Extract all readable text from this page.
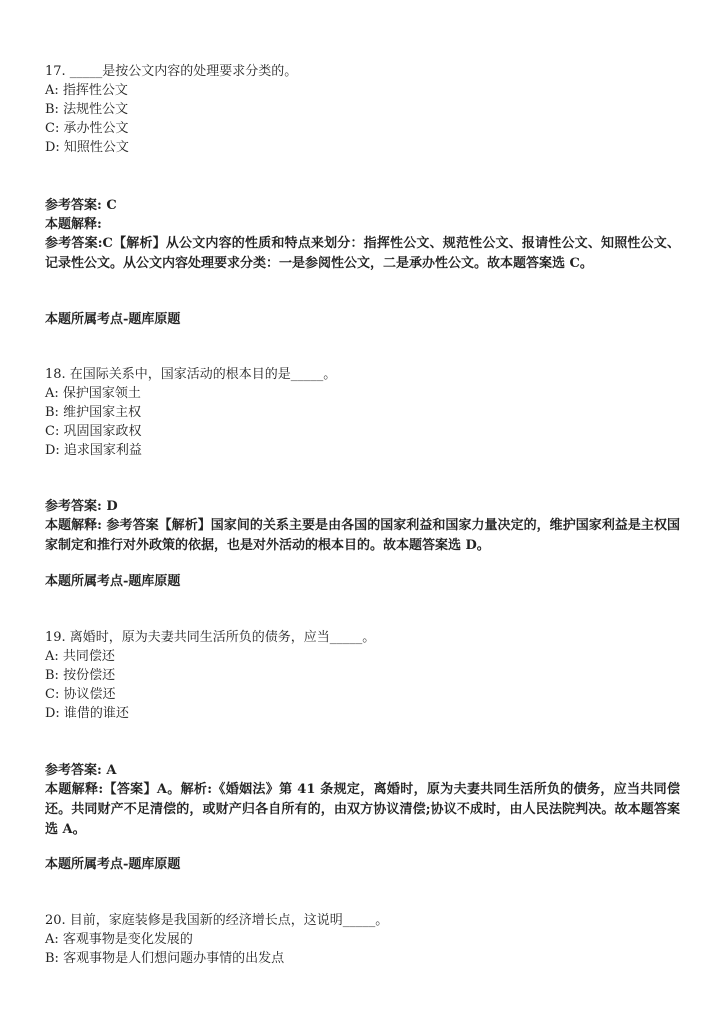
17. _____是按公文内容的处理要求分类的。
A: 指挥性公文
B: 法规性公文
C: 承办性公文
D: 知照性公文
参考答案: C
本题解释:
参考答案:C【解析】从公文内容的性质和特点来划分：指挥性公文、规范性公文、报请性公文、知照性公文、记录性公文。从公文内容处理要求分类：一是参阅性公文，二是承办性公文。故本题答案选 C。
本题所属考点-题库原题
18. 在国际关系中，国家活动的根本目的是_____。
A: 保护国家领土
B: 维护国家主权
C: 巩固国家政权
D: 追求国家利益
参考答案: D
本题解释: 参考答案【解析】国家间的关系主要是由各国的国家利益和国家力量决定的，维护国家利益是主权国家制定和推行对外政策的依据，也是对外活动的根本目的。故本题答案选 D。
本题所属考点-题库原题
19. 离婚时，原为夫妻共同生活所负的债务，应当_____。
A: 共同偿还
B: 按份偿还
C: 协议偿还
D: 谁借的谁还
参考答案: A
本题解释:【答案】A。解析:《婚姻法》第 41 条规定，离婚时，原为夫妻共同生活所负的债务，应当共同偿还。共同财产不足清偿的，或财产归各自所有的，由双方协议清偿;协议不成时，由人民法院判决。故本题答案选 A。
本题所属考点-题库原题
20. 目前，家庭装修是我国新的经济增长点，这说明_____。
A: 客观事物是变化发展的
B: 客观事物是人们想问题办事情的出发点
